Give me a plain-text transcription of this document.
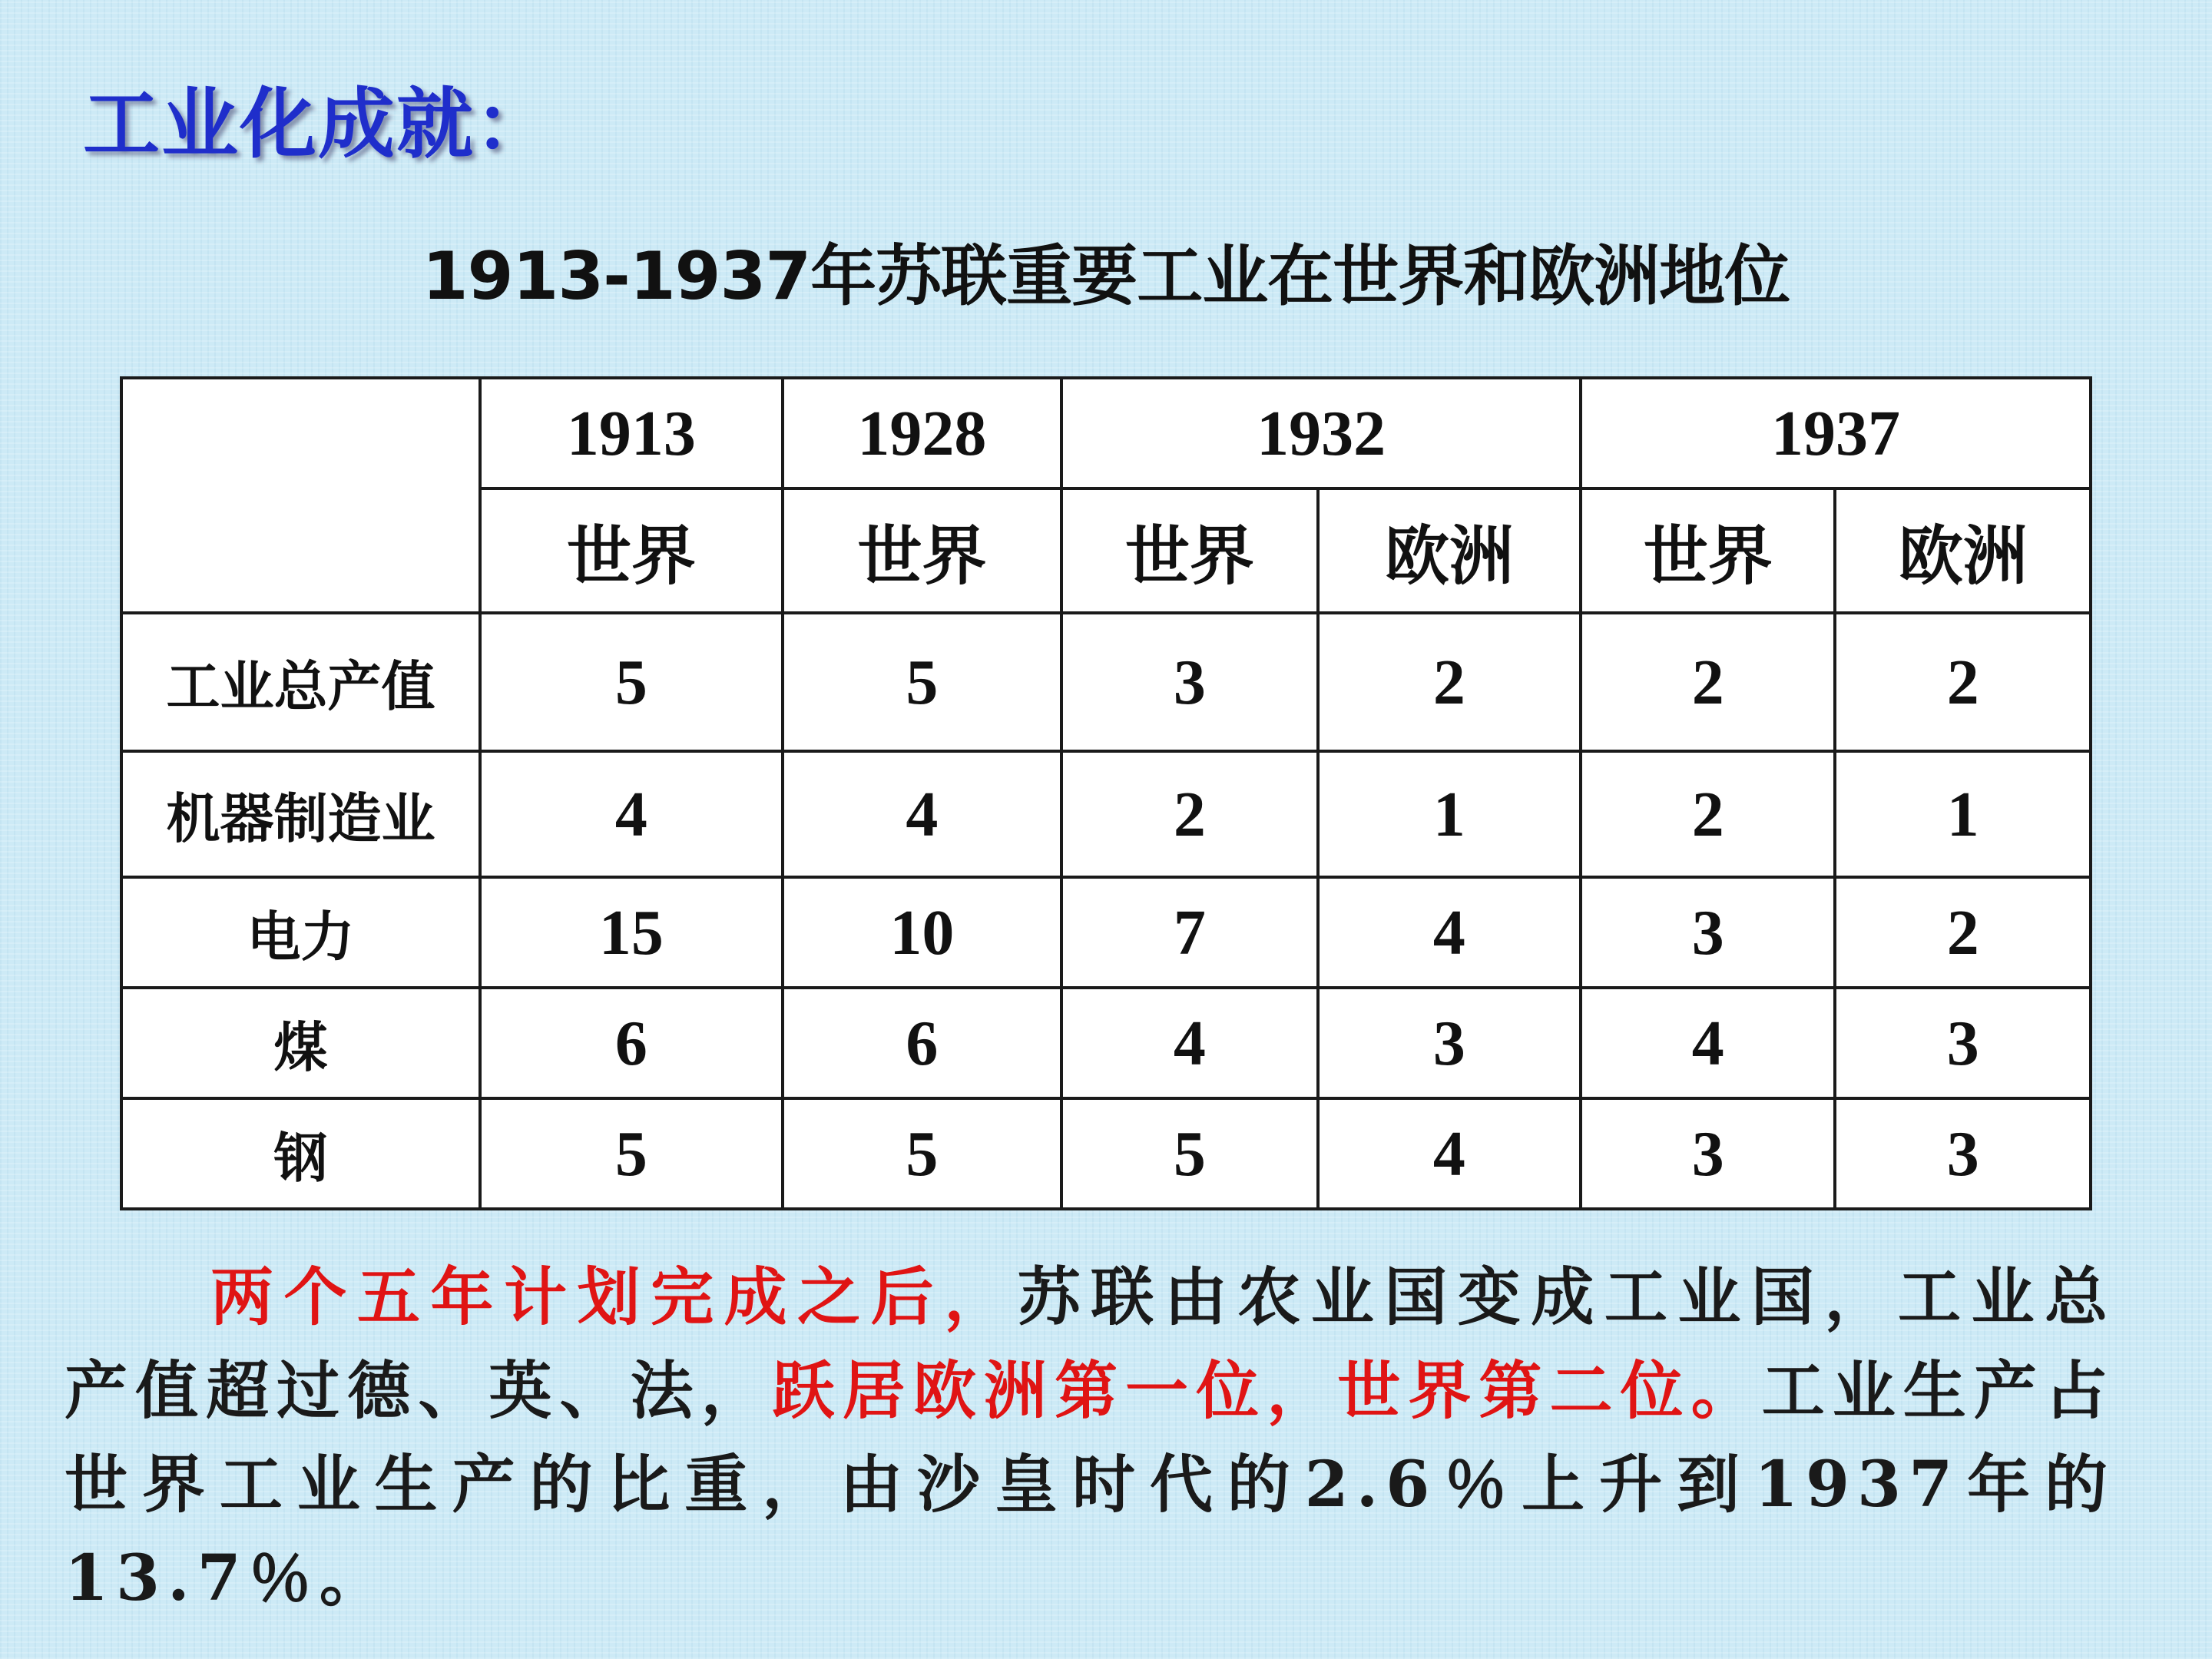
工业化成就：
1913-1937年苏联重要工业在世界和欧洲地位
	1913	1928	1932		1937	
	世界	世界	世界	欧洲	世界	欧洲
工业总产值	5	5	3	2	2	2
机器制造业	4	4	2	1	2	1
电力	15	10	7	4	3	2
煤	6	6	4	3	4	3
钢	5	5	5	4	3	3

两个五年计划完成之后，苏联由农业国变成工业国，工业总产值超过德、英、法，跃居欧洲第一位，世界第二位。工业生产占世界工业生产的比重，由沙皇时代的2.6％上升到1937年的13.7％。
